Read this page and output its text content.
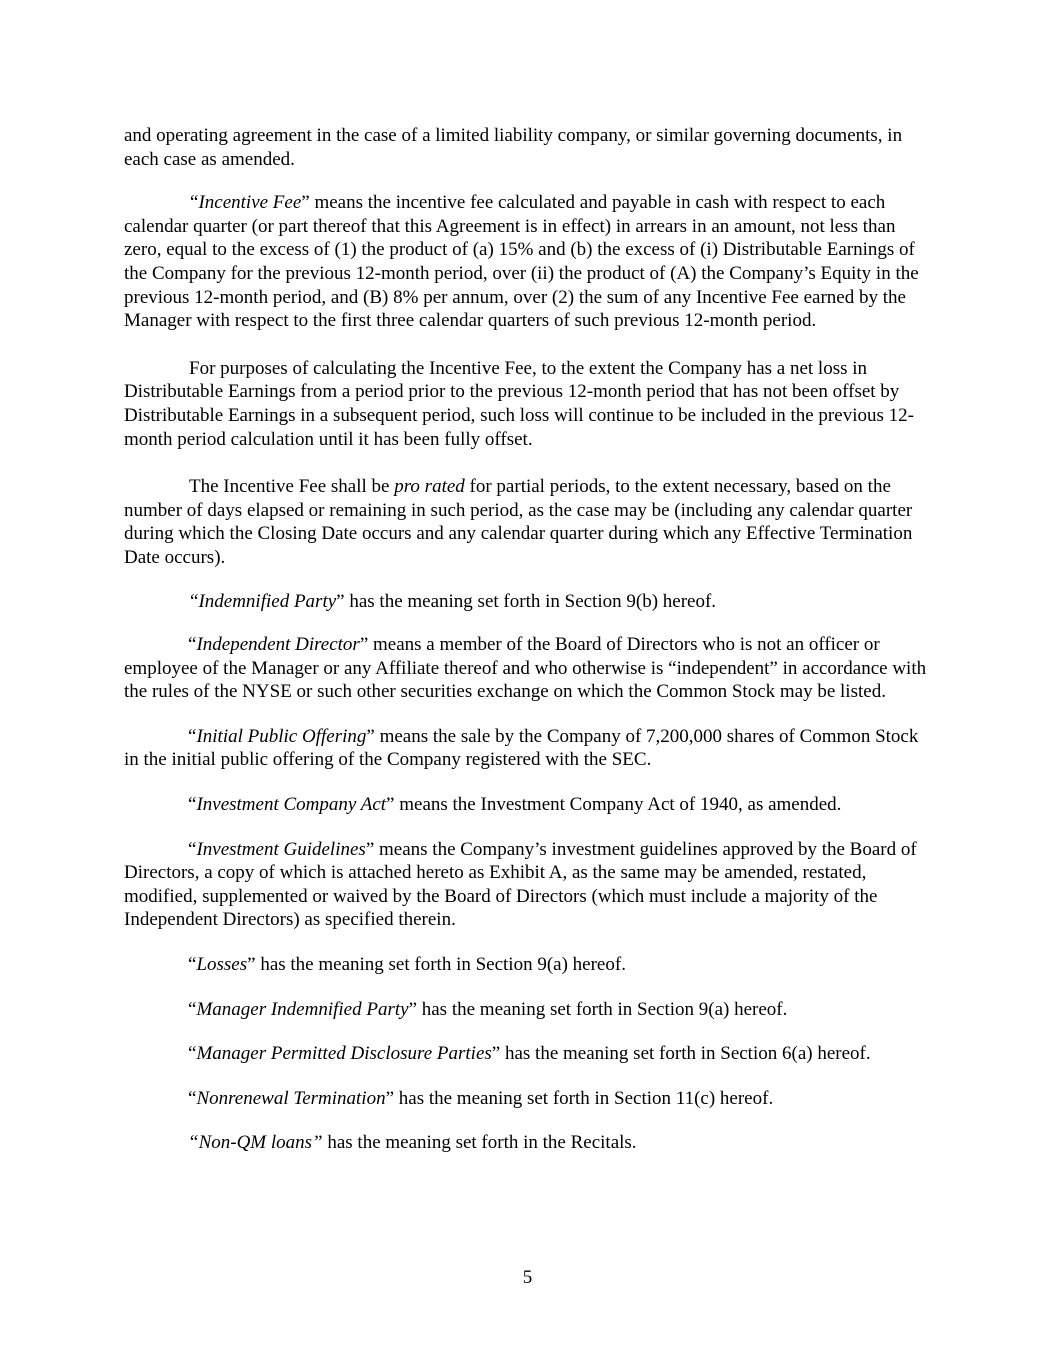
and operating agreement in the case of a limited liability company, or similar governing documents, in each case as amended.

“Incentive Fee” means the incentive fee calculated and payable in cash with respect to each calendar quarter (or part thereof that this Agreement is in effect) in arrears in an amount, not less than zero, equal to the excess of (1) the product of (a) 15% and (b) the excess of (i) Distributable Earnings of the Company for the previous 12-month period, over (ii) the product of (A) the Company’s Equity in the previous 12-month period, and (B) 8% per annum, over (2) the sum of any Incentive Fee earned by the Manager with respect to the first three calendar quarters of such previous 12-month period.

For purposes of calculating the Incentive Fee, to the extent the Company has a net loss in Distributable Earnings from a period prior to the previous 12-month period that has not been offset by Distributable Earnings in a subsequent period, such loss will continue to be included in the previous 12-month period calculation until it has been fully offset.

The Incentive Fee shall be pro rated for partial periods, to the extent necessary, based on the number of days elapsed or remaining in such period, as the case may be (including any calendar quarter during which the Closing Date occurs and any calendar quarter during which any Effective Termination Date occurs).

“Indemnified Party” has the meaning set forth in Section 9(b) hereof.

“Independent Director” means a member of the Board of Directors who is not an officer or employee of the Manager or any Affiliate thereof and who otherwise is “independent” in accordance with the rules of the NYSE or such other securities exchange on which the Common Stock may be listed.

“Initial Public Offering” means the sale by the Company of 7,200,000 shares of Common Stock in the initial public offering of the Company registered with the SEC.

“Investment Company Act” means the Investment Company Act of 1940, as amended.

“Investment Guidelines” means the Company’s investment guidelines approved by the Board of Directors, a copy of which is attached hereto as Exhibit A, as the same may be amended, restated, modified, supplemented or waived by the Board of Directors (which must include a majority of the Independent Directors) as specified therein.

“Losses” has the meaning set forth in Section 9(a) hereof.

“Manager Indemnified Party” has the meaning set forth in Section 9(a) hereof.

“Manager Permitted Disclosure Parties” has the meaning set forth in Section 6(a) hereof.

“Nonrenewal Termination” has the meaning set forth in Section 11(c) hereof.

“Non-QM loans” has the meaning set forth in the Recitals.

5
